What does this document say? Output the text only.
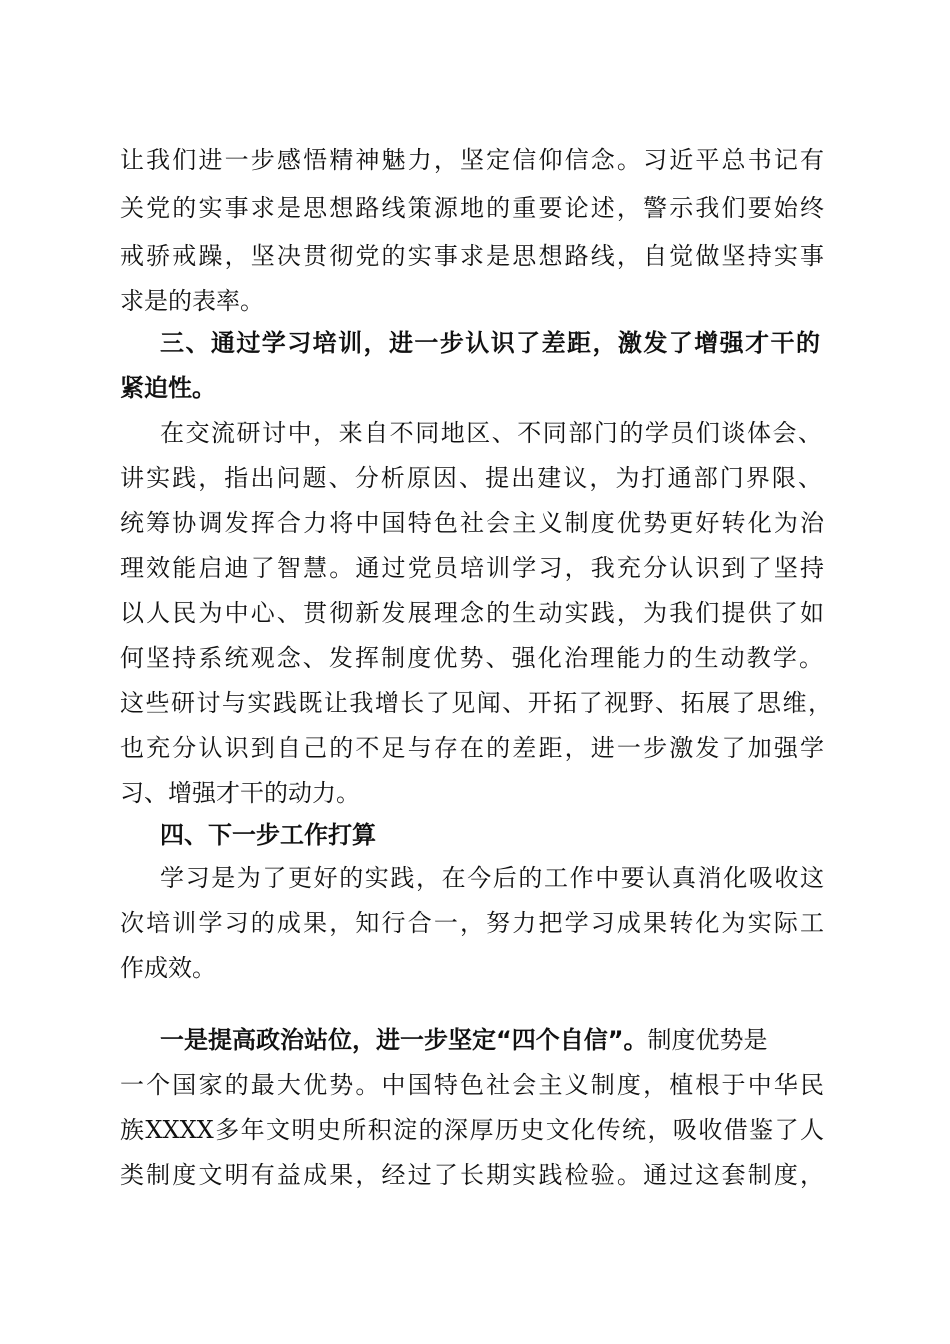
让我们进一步感悟精神魅力，坚定信仰信念。习近平总书记有
关党的实事求是思想路线策源地的重要论述，警示我们要始终
戒骄戒躁，坚决贯彻党的实事求是思想路线，自觉做坚持实事
求是的表率。
三、通过学习培训，进一步认识了差距，激发了增强才干的
紧迫性。
在交流研讨中，来自不同地区、不同部门的学员们谈体会、
讲实践，指出问题、分析原因、提出建议，为打通部门界限、
统筹协调发挥合力将中国特色社会主义制度优势更好转化为治
理效能启迪了智慧。通过党员培训学习，我充分认识到了坚持
以人民为中心、贯彻新发展理念的生动实践，为我们提供了如
何坚持系统观念、发挥制度优势、强化治理能力的生动教学。
这些研讨与实践既让我增长了见闻、开拓了视野、拓展了思维，
也充分认识到自己的不足与存在的差距，进一步激发了加强学
习、增强才干的动力。
四、下一步工作打算
学习是为了更好的实践，在今后的工作中要认真消化吸收这
次培训学习的成果，知行合一，努力把学习成果转化为实际工
作成效。
一是提高政治站位，进一步坚定“四个自信”。制度优势是
一个国家的最大优势。中国特色社会主义制度，植根于中华民
族XXXX多年文明史所积淀的深厚历史文化传统，吸收借鉴了人
类制度文明有益成果，经过了长期实践检验。通过这套制度，
